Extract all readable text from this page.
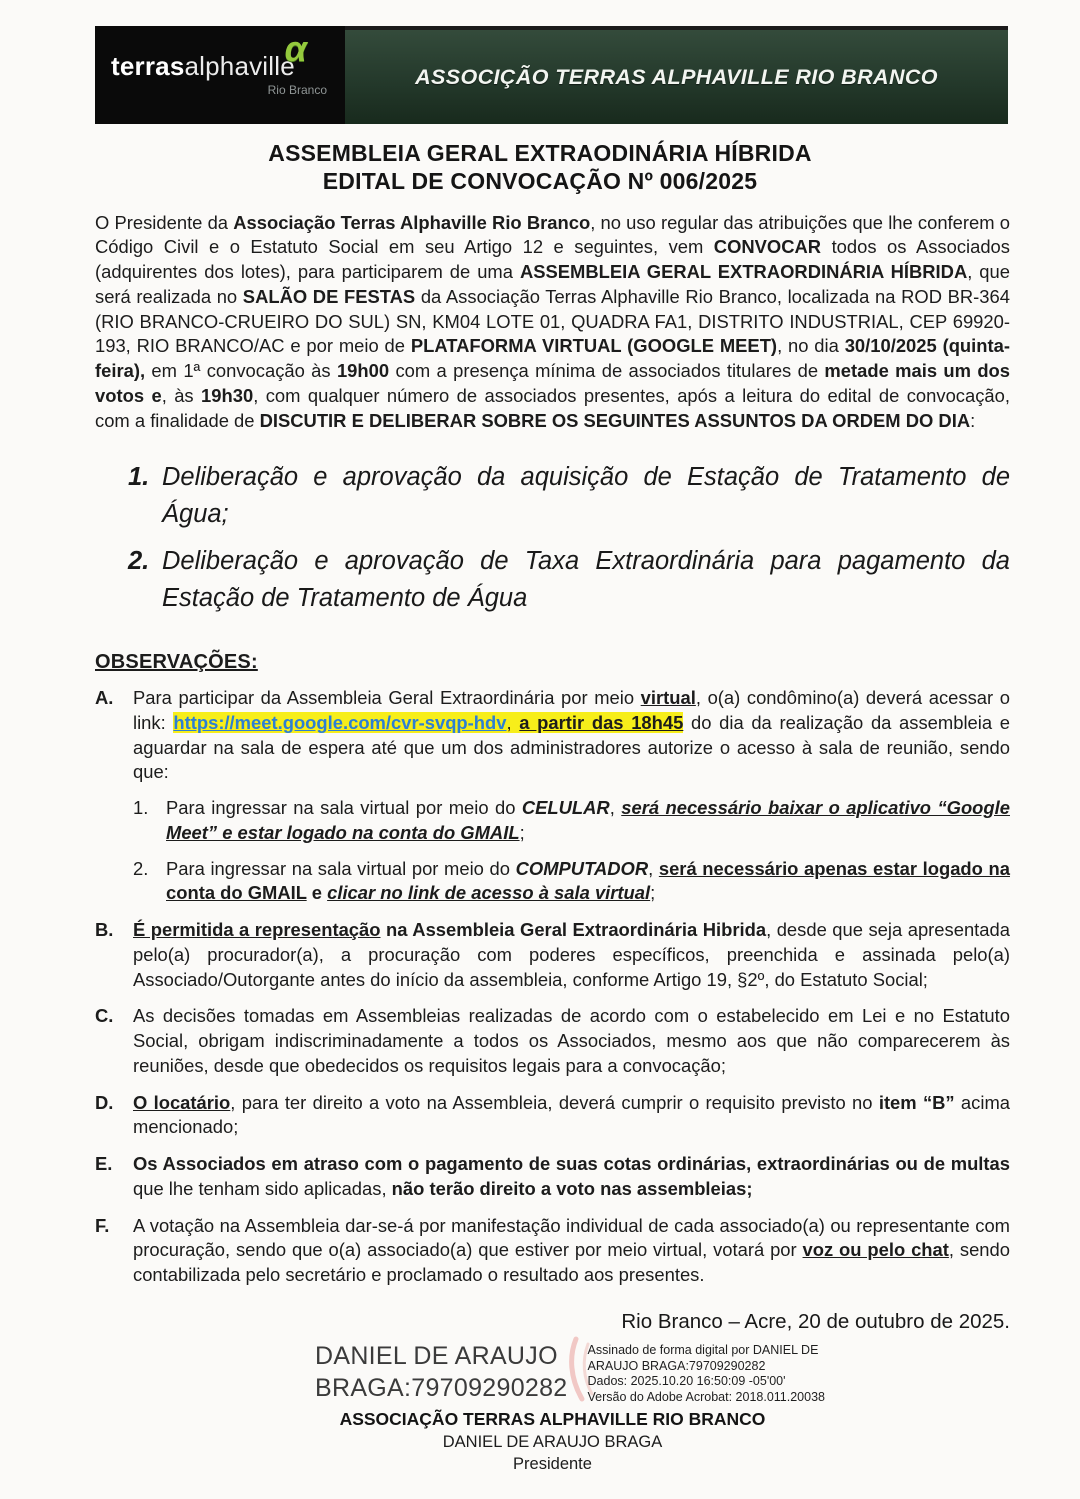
terrasalphaville
α
Rio Branco
ASSOCIÇÃO TERRAS ALPHAVILLE RIO BRANCO
ASSEMBLEIA GERAL EXTRAODINÁRIA HÍBRIDA
EDITAL DE CONVOCAÇÃO Nº 006/2025

O Presidente da Associação Terras Alphaville Rio Branco, no uso regular das atribuições que lhe conferem o Código Civil e o Estatuto Social em seu Artigo 12 e seguintes, vem CONVOCAR todos os Associados (adquirentes dos lotes), para participarem de uma ASSEMBLEIA GERAL EXTRAORDINÁRIA HÍBRIDA, que será realizada no SALÃO DE FESTAS da Associação Terras Alphaville Rio Branco, localizada na ROD BR-364 (RIO BRANCO-CRUEIRO DO SUL) SN, KM04 LOTE 01, QUADRA FA1, DISTRITO INDUSTRIAL, CEP 69920-193, RIO BRANCO/AC e por meio de PLATAFORMA VIRTUAL (GOOGLE MEET), no dia 30/10/2025 (quinta-feira), em 1ª convocação às 19h00 com a presença mínima de associados titulares de metade mais um dos votos e, às 19h30, com qualquer número de associados presentes, após a leitura do edital de convocação, com a finalidade de DISCUTIR E DELIBERAR SOBRE OS SEGUINTES ASSUNTOS DA ORDEM DO DIA:

1. Deliberação e aprovação da aquisição de Estação de Tratamento de Água;
2. Deliberação e aprovação de Taxa Extraordinária para pagamento da Estação de Tratamento de Água
OBSERVAÇÕES:
A.	Para participar da Assembleia Geral Extraordinária por meio virtual, o(a) condômino(a) deverá acessar o link: https://meet.google.com/cvr-svqp-hdv, a partir das 18h45 do dia da realização da assembleia e aguardar na sala de espera até que um dos administradores autorize o acesso à sala de reunião, sendo que:
1. Para ingressar na sala virtual por meio do CELULAR, será necessário baixar o aplicativo “Google Meet” e estar logado na conta do GMAIL;
2. Para ingressar na sala virtual por meio do COMPUTADOR, será necessário apenas estar logado na conta do GMAIL e clicar no link de acesso à sala virtual;
B.	É permitida a representação na Assembleia Geral Extraordinária Hibrida, desde que seja apresentada pelo(a) procurador(a), a procuração com poderes específicos, preenchida e assinada pelo(a) Associado/Outorgante antes do início da assembleia, conforme Artigo 19, §2º, do Estatuto Social;
C.	As decisões tomadas em Assembleias realizadas de acordo com o estabelecido em Lei e no Estatuto Social, obrigam indiscriminadamente a todos os Associados, mesmo aos que não comparecerem às reuniões, desde que obedecidos os requisitos legais para a convocação;
D.	O locatário, para ter direito a voto na Assembleia, deverá cumprir o requisito previsto no item “B” acima mencionado;
E.	Os Associados em atraso com o pagamento de suas cotas ordinárias, extraordinárias ou de multas que lhe tenham sido aplicadas, não terão direito a voto nas assembleias;
F.	A votação na Assembleia dar-se-á por manifestação individual de cada associado(a) ou representante com procuração, sendo que o(a) associado(a) que estiver por meio virtual, votará por voz ou pelo chat, sendo contabilizada pelo secretário e proclamado o resultado aos presentes.
Rio Branco – Acre, 20 de outubro de 2025.
DANIEL DE ARAUJO
BRAGA:79709290282
Assinado de forma digital por DANIEL DE
ARAUJO BRAGA:79709290282
Dados: 2025.10.20 16:50:09 -05'00'
Versão do Adobe Acrobat: 2018.011.20038
ASSOCIAÇÃO TERRAS ALPHAVILLE RIO BRANCO
DANIEL DE ARAUJO BRAGA
Presidente
